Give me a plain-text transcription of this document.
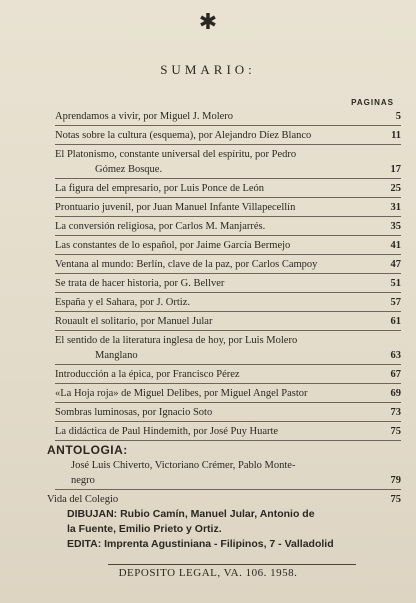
✱
SUMARIO:
PAGINAS
Aprendamos a vivir, por Miguel J. Molero	5
Notas sobre la cultura (esquema), por Alejandro Díez Blanco	11
El Platonismo, constante universal del espíritu, por Pedro
Gómez Bosque.	17
La figura del empresario, por Luis Ponce de León	25
Prontuario juvenil, por Juan Manuel Infante Villapecellín	31
La conversión religiosa, por Carlos M. Manjarrés.	35
Las constantes de lo español, por Jaime García Bermejo	41
Ventana al mundo: Berlín, clave de la paz, por Carlos Campoy	47
Se trata de hacer historia, por G. Bellver	51
España y el Sahara, por J. Ortiz.	57
Rouault el solitario, por Manuel Jular	61
El sentido de la literatura inglesa de hoy, por Luis Molero
Manglano	63
Introducción a la épica, por Francisco Pérez	67
«La Hoja roja» de Miguel Delibes, por Miguel Angel Pastor	69
Sombras luminosas, por Ignacio Soto	73
La didáctica de Paul Hindemith, por José Puy Huarte	75
ANTOLOGIA:
José Luis Chiverto, Victoriano Crémer, Pablo Monte-
negro	79
Vida del Colegio	75
DIBUJAN: Rubio Camín, Manuel Jular, Antonio de
la Fuente, Emilio Prieto y Ortiz.
EDITA: Imprenta Agustiniana - Filipinos, 7 - Valladolid
DEPOSITO LEGAL, VA. 106. 1958.
